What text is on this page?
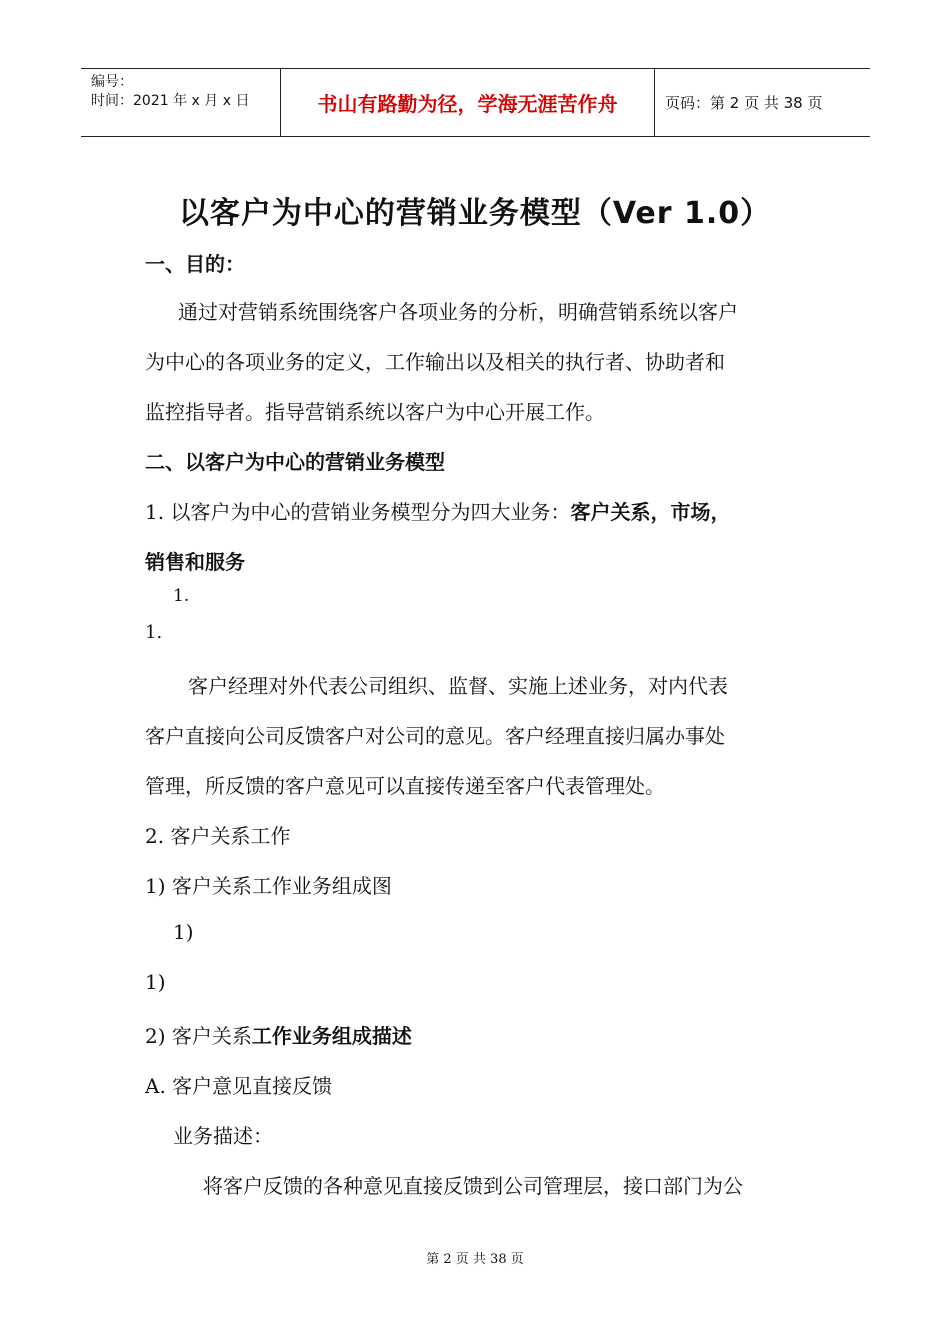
编号：
时间：2021 年 x 月 x 日	书山有路勤为径，学海无涯苦作舟	页码：第 2 页 共 38 页
以客户为中心的营销业务模型（Ver 1.0）
一、目的：
通过对营销系统围绕客户各项业务的分析，明确营销系统以客户
为中心的各项业务的定义，工作输出以及相关的执行者、协助者和
监控指导者。指导营销系统以客户为中心开展工作。
二、以客户为中心的营销业务模型
1. 以客户为中心的营销业务模型分为四大业务：客户关系，市场，
销售和服务
1.
1.
客户经理对外代表公司组织、监督、实施上述业务，对内代表
客户直接向公司反馈客户对公司的意见。客户经理直接归属办事处
管理，所反馈的客户意见可以直接传递至客户代表管理处。
2. 客户关系工作
1) 客户关系工作业务组成图
1)
1)
2) 客户关系工作业务组成描述
A. 客户意见直接反馈
业务描述：
将客户反馈的各种意见直接反馈到公司管理层，接口部门为公
第 2 页 共 38 页
